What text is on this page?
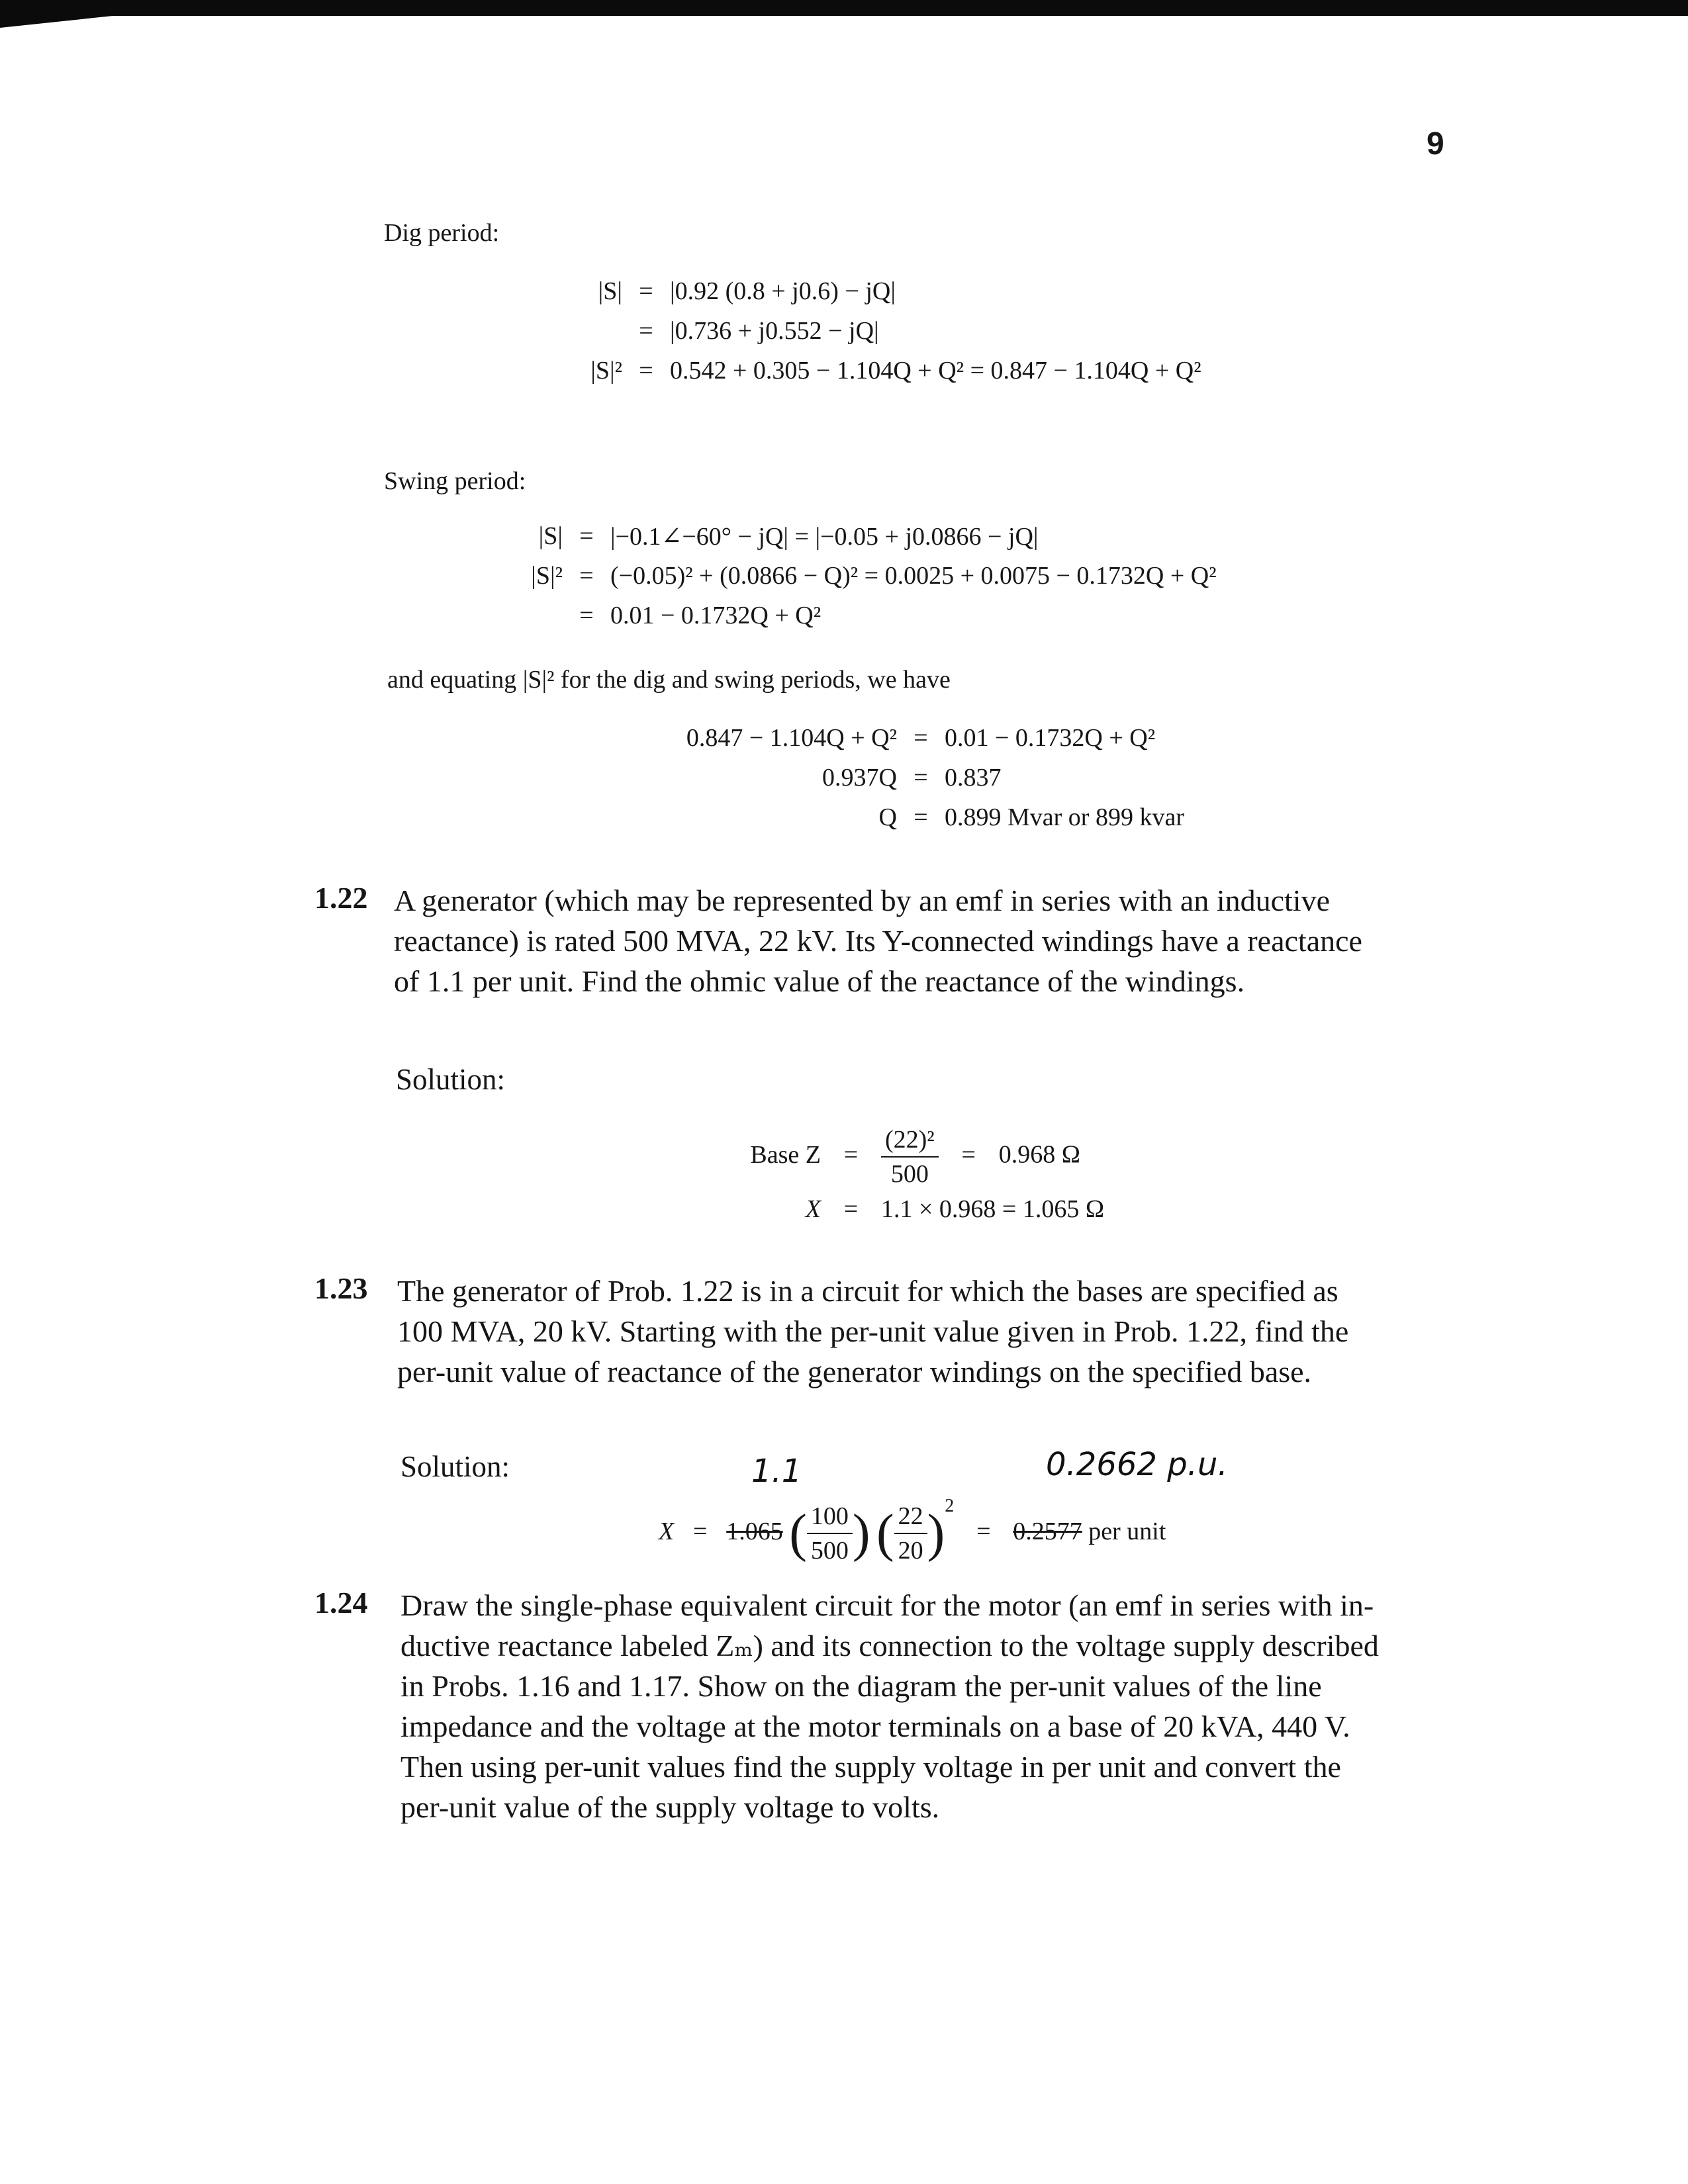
9
Dig period:
|S|	=	|0.92 (0.8 + j0.6) − jQ|
	=	|0.736 + j0.552 − jQ|
|S|²	=	0.542 + 0.305 − 1.104Q + Q² = 0.847 − 1.104Q + Q²
Swing period:
|S|	=	|−0.1∠−60° − jQ| = |−0.05 + j0.0866 − jQ|
|S|²	=	(−0.05)² + (0.0866 − Q)² = 0.0025 + 0.0075 − 0.1732Q + Q²
	=	0.01 − 0.1732Q + Q²
and equating |S|² for the dig and swing periods, we have
0.847 − 1.104Q + Q²	=	0.01 − 0.1732Q + Q²
0.937Q	=	0.837
Q	=	0.899 Mvar or 899 kvar
1.22 A generator (which may be represented by an emf in series with an inductive
reactance) is rated 500 MVA, 22 kV. Its Y-connected windings have a reactance
of 1.1 per unit. Find the ohmic value of the reactance of the windings.
Solution:
Base $Z = \frac{\text{(22)²}}{500} = 0.968$ Ω
X = 1.1 × 0.968 = 1.065 Ω
1.23 The generator of Prob. 1.22 is in a circuit for which the bases are specified as
100 MVA, 20 kV. Starting with the per-unit value given in Prob. 1.22, find the
per-unit value of reactance of the generator windings on the specified base.
Solution:	1.1	0.2662 p.u.
X = 1.065 ( $\frac{100}{500}$ ) ( $\frac{22}{20} )^2 = 0.2577$ per unit
1.24 Draw the single-phase equivalent circuit for the motor (an emf in series with in-
ductive reactance labeled Zₘ) and its connection to the voltage supply described
in Probs. 1.16 and 1.17. Show on the diagram the per-unit values of the line
impedance and the voltage at the motor terminals on a base of 20 kVA, 440 V.
Then using per-unit values find the supply voltage in per unit and convert the
per-unit value of the supply voltage to volts.
